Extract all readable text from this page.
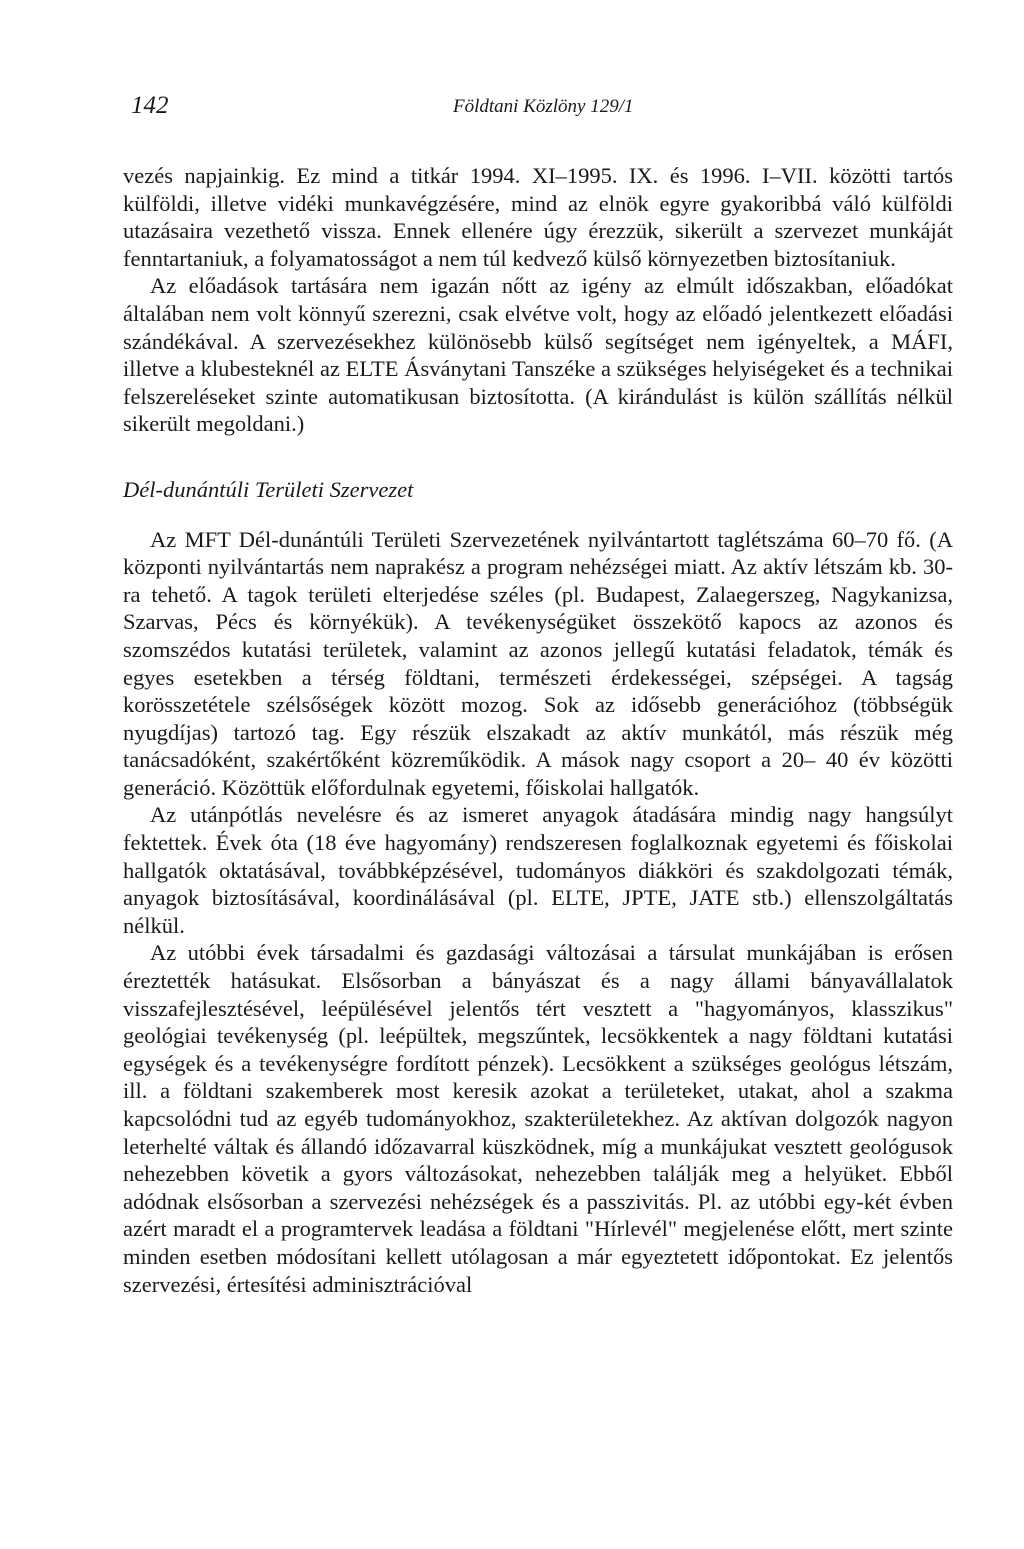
142	Földtani Közlöny 129/1

vezés napjainkig. Ez mind a titkár 1994. XI–1995. IX. és 1996. I–VII. közötti tartós külföldi, illetve vidéki munkavégzésére, mind az elnök egyre gyakoribbá váló külföldi utazásaira vezethető vissza. Ennek ellenére úgy érezzük, sikerült a szervezet munkáját fenntartaniuk, a folyamatosságot a nem túl kedvező külső környezetben biztosítaniuk.

Az előadások tartására nem igazán nőtt az igény az elmúlt időszakban, előadókat általában nem volt könnyű szerezni, csak elvétve volt, hogy az előadó jelentkezett előadási szándékával. A szervezésekhez különösebb külső segítséget nem igényeltek, a MÁFI, illetve a klubesteknél az ELTE Ásványtani Tanszéke a szükséges helyiségeket és a technikai felszereléseket szinte automatikusan biztosította. (A kirándulást is külön szállítás nélkül sikerült megoldani.)

Dél-dunántúli Területi Szervezet

Az MFT Dél-dunántúli Területi Szervezetének nyilvántartott taglétszáma 60–70 fő. (A központi nyilvántartás nem naprakész a program nehézségei miatt. Az aktív létszám kb. 30-ra tehető. A tagok területi elterjedése széles (pl. Budapest, Zalaegerszeg, Nagykanizsa, Szarvas, Pécs és környékük). A tevékenységüket összekötő kapocs az azonos és szomszédos kutatási területek, valamint az azonos jellegű kutatási feladatok, témák és egyes esetekben a térség földtani, természeti érdekességei, szépségei. A tagság korösszetétele szélsőségek között mozog. Sok az idősebb generációhoz (többségük nyugdíjas) tartozó tag. Egy részük elszakadt az aktív munkától, más részük még tanácsadóként, szakértőként közreműködik. A mások nagy csoport a 20– 40 év közötti generáció. Közöttük előfordulnak egyetemi, főiskolai hallgatók.

Az utánpótlás nevelésre és az ismeret anyagok átadására mindig nagy hangsúlyt fektettek. Évek óta (18 éve hagyomány) rendszeresen foglalkoznak egyetemi és főiskolai hallgatók oktatásával, továbbképzésével, tudományos diákköri és szakdolgozati témák, anyagok biztosításával, koordinálásával (pl. ELTE, JPTE, JATE stb.) ellenszolgáltatás nélkül.

Az utóbbi évek társadalmi és gazdasági változásai a társulat munkájában is erősen éreztették hatásukat. Elsősorban a bányászat és a nagy állami bányavállalatok visszafejlesztésével, leépülésével jelentős tért vesztett a "hagyományos, klasszikus" geológiai tevékenység (pl. leépültek, megszűntek, lecsökkentek a nagy földtani kutatási egységek és a tevékenységre fordított pénzek). Lecsökkent a szükséges geológus létszám, ill. a földtani szakemberek most keresik azokat a területeket, utakat, ahol a szakma kapcsolódni tud az egyéb tudományokhoz, szakterületekhez. Az aktívan dolgozók nagyon leterhelté váltak és állandó időzavarral küszködnek, míg a munkájukat vesztett geológusok nehezebben követik a gyors változásokat, nehezebben találják meg a helyüket. Ebből adódnak elsősorban a szervezési nehézségek és a passzivitás. Pl. az utóbbi egy-két évben azért maradt el a programtervek leadása a földtani "Hírlevél" megjelenése előtt, mert szinte minden esetben módosítani kellett utólagosan a már egyeztetett időpontokat. Ez jelentős szervezési, értesítési adminisztrációval
